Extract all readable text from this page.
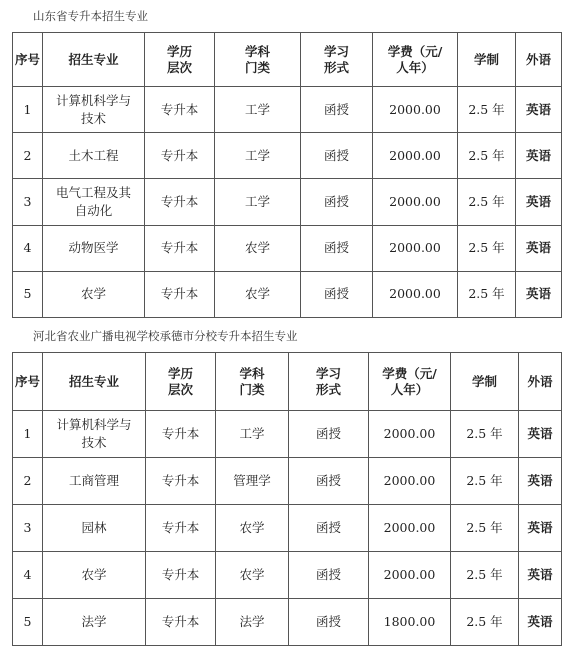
山东省专升本招生专业
序号	招生专业	学历层次	学科门类	学习形式	学费（元/人年）	学制	外语
1	计算机科学与技术	专升本	工学	函授	2000.00	2.5 年	英语
2	土木工程	专升本	工学	函授	2000.00	2.5 年	英语
3	电气工程及其自动化	专升本	工学	函授	2000.00	2.5 年	英语
4	动物医学	专升本	农学	函授	2000.00	2.5 年	英语
5	农学	专升本	农学	函授	2000.00	2.5 年	英语
河北省农业广播电视学校承德市分校专升本招生专业
序号	招生专业	学历层次	学科门类	学习形式	学费（元/人年）	学制	外语
1	计算机科学与技术	专升本	工学	函授	2000.00	2.5 年	英语
2	工商管理	专升本	管理学	函授	2000.00	2.5 年	英语
3	园林	专升本	农学	函授	2000.00	2.5 年	英语
4	农学	专升本	农学	函授	2000.00	2.5 年	英语
5	法学	专升本	法学	函授	1800.00	2.5 年	英语
